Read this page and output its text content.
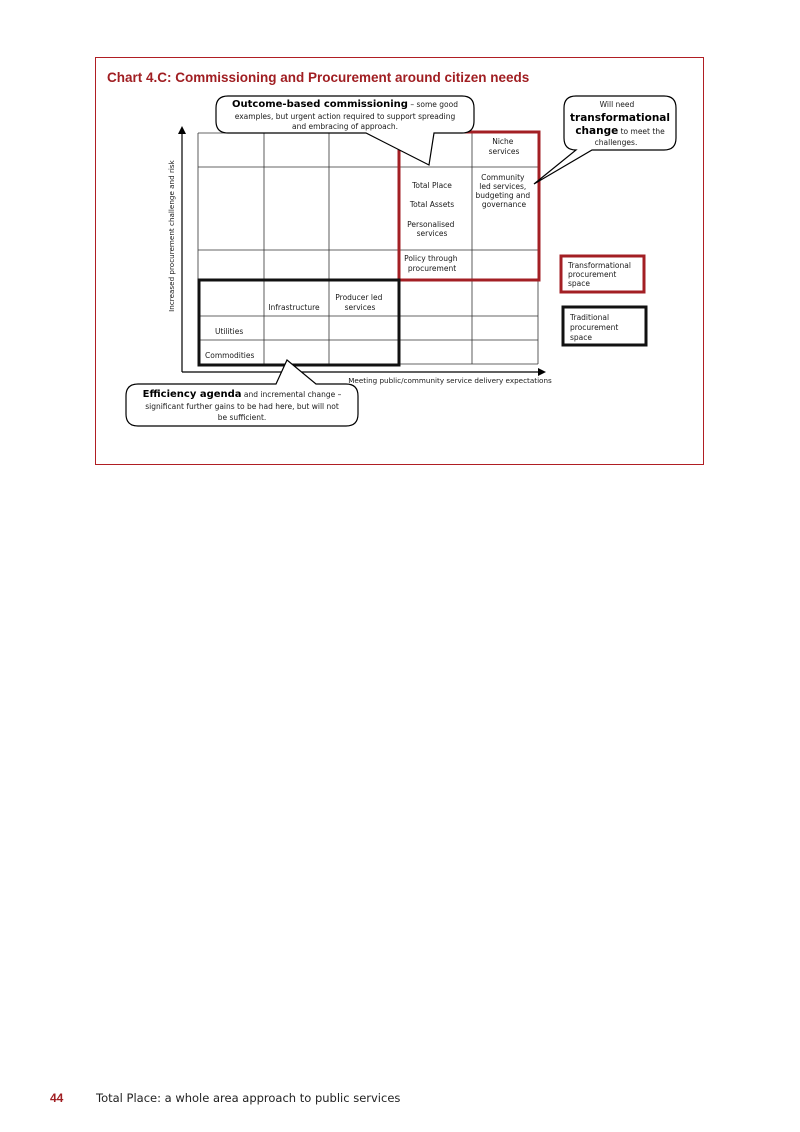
Chart 4.C: Commissioning and Procurement around citizen needs
Increased procurement challenge and risk
Meeting public/community service delivery expectations
Niche services
Total Place
Total Assets
Personalised services
Community led services, budgeting and governance
Policy through procurement
Producer led services
Infrastructure
Utilities
Commodities
Outcome-based commissioning – some good
examples, but urgent action required to support spreading
and embracing of approach.
Will need
transformational
change to meet the
challenges.
Efficiency agenda and incremental change –
significant further gains to be had here, but will not
be sufficient.
Transformational procurement space
Traditional procurement space
44	Total Place: a whole area approach to public services
